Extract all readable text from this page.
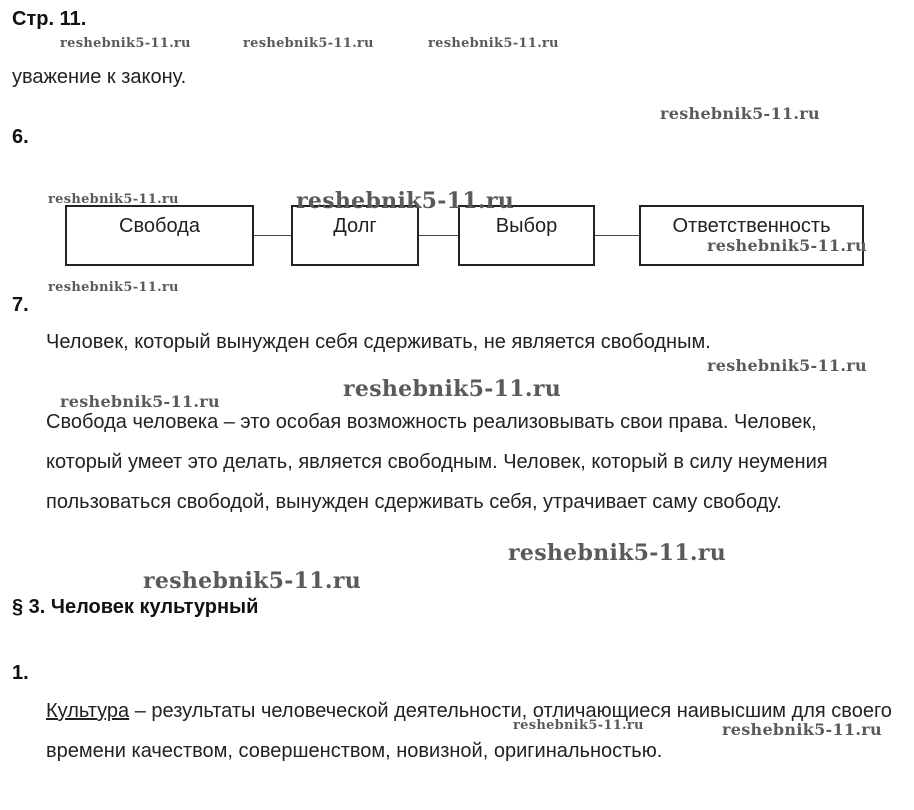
Стр. 11.
уважение к закону.
6.
Свобода	Долг	Выбор	Ответственность
7.
Человек, который вынужден себя сдерживать, не является свободным.
Свобода человека – это особая возможность реализовывать свои права. Человек, который умеет это делать, является свободным. Человек, который в силу неумения пользоваться свободой, вынужден сдерживать себя, утрачивает саму свободу.
§ 3. Человек культурный
1.
Культура – результаты человеческой деятельности, отличающиеся наивысшим для своего времени качеством, совершенством, новизной, оригинальностью.
reshebnik5-11.ru	reshebnik5-11.ru	reshebnik5-11.ru
reshebnik5-11.ru
reshebnik5-11.ru	reshebnik5-11.ru
reshebnik5-11.ru
reshebnik5-11.ru
reshebnik5-11.ru
reshebnik5-11.ru
reshebnik5-11.ru
reshebnik5-11.ru
reshebnik5-11.ru
reshebnik5-11.ru	reshebnik5-11.ru
